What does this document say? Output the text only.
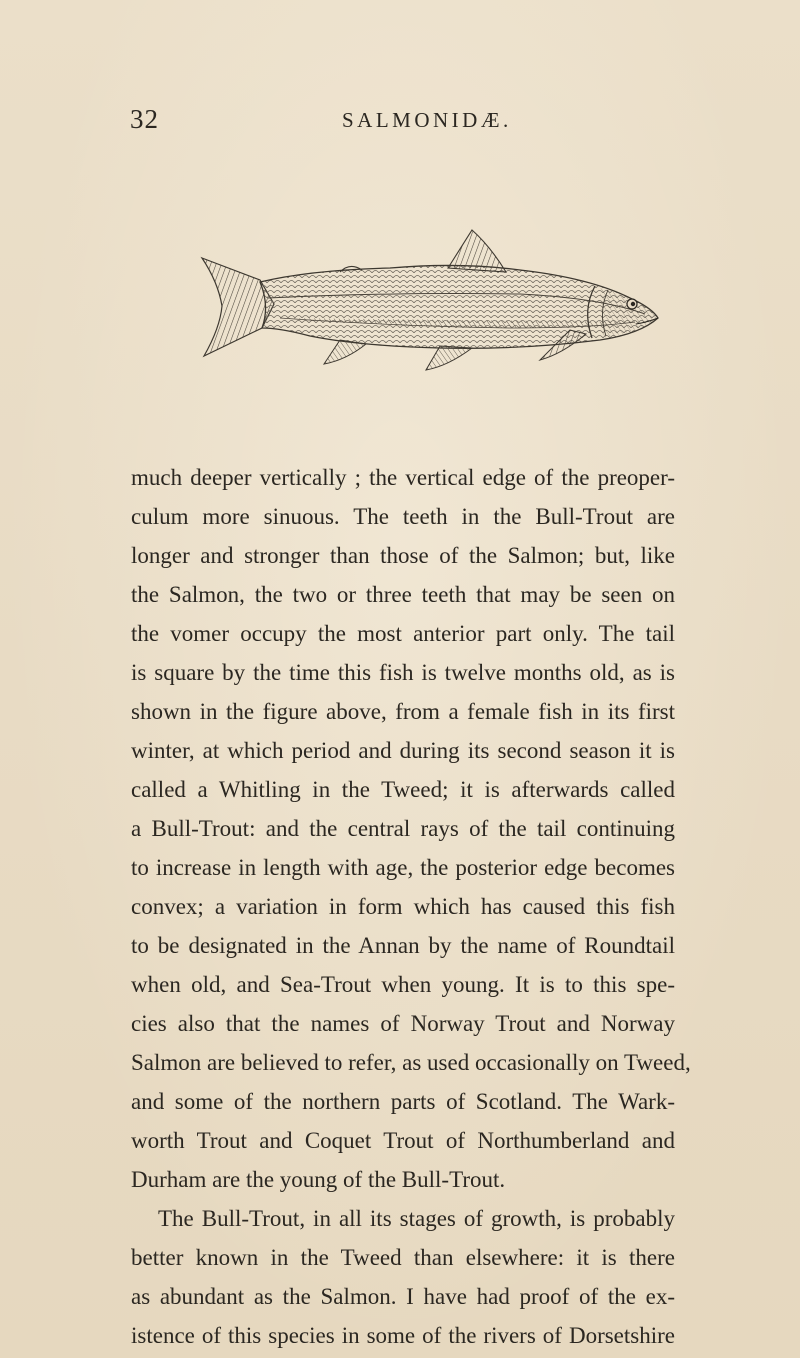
32	SALMONIDÆ.
much deeper vertically ; the vertical edge of the preoper-
culum more sinuous. The teeth in the Bull-Trout are
longer and stronger than those of the Salmon; but, like
the Salmon, the two or three teeth that may be seen on
the vomer occupy the most anterior part only. The tail
is square by the time this fish is twelve months old, as is
shown in the figure above, from a female fish in its first
winter, at which period and during its second season it is
called a Whitling in the Tweed; it is afterwards called
a Bull-Trout: and the central rays of the tail continuing
to increase in length with age, the posterior edge becomes
convex; a variation in form which has caused this fish
to be designated in the Annan by the name of Roundtail
when old, and Sea-Trout when young. It is to this spe-
cies also that the names of Norway Trout and Norway
Salmon are believed to refer, as used occasionally on Tweed,
and some of the northern parts of Scotland. The Wark-
worth Trout and Coquet Trout of Northumberland and
Durham are the young of the Bull-Trout.
The Bull-Trout, in all its stages of growth, is probably
better known in the Tweed than elsewhere: it is there
as abundant as the Salmon. I have had proof of the ex-
istence of this species in some of the rivers of Dorsetshire
